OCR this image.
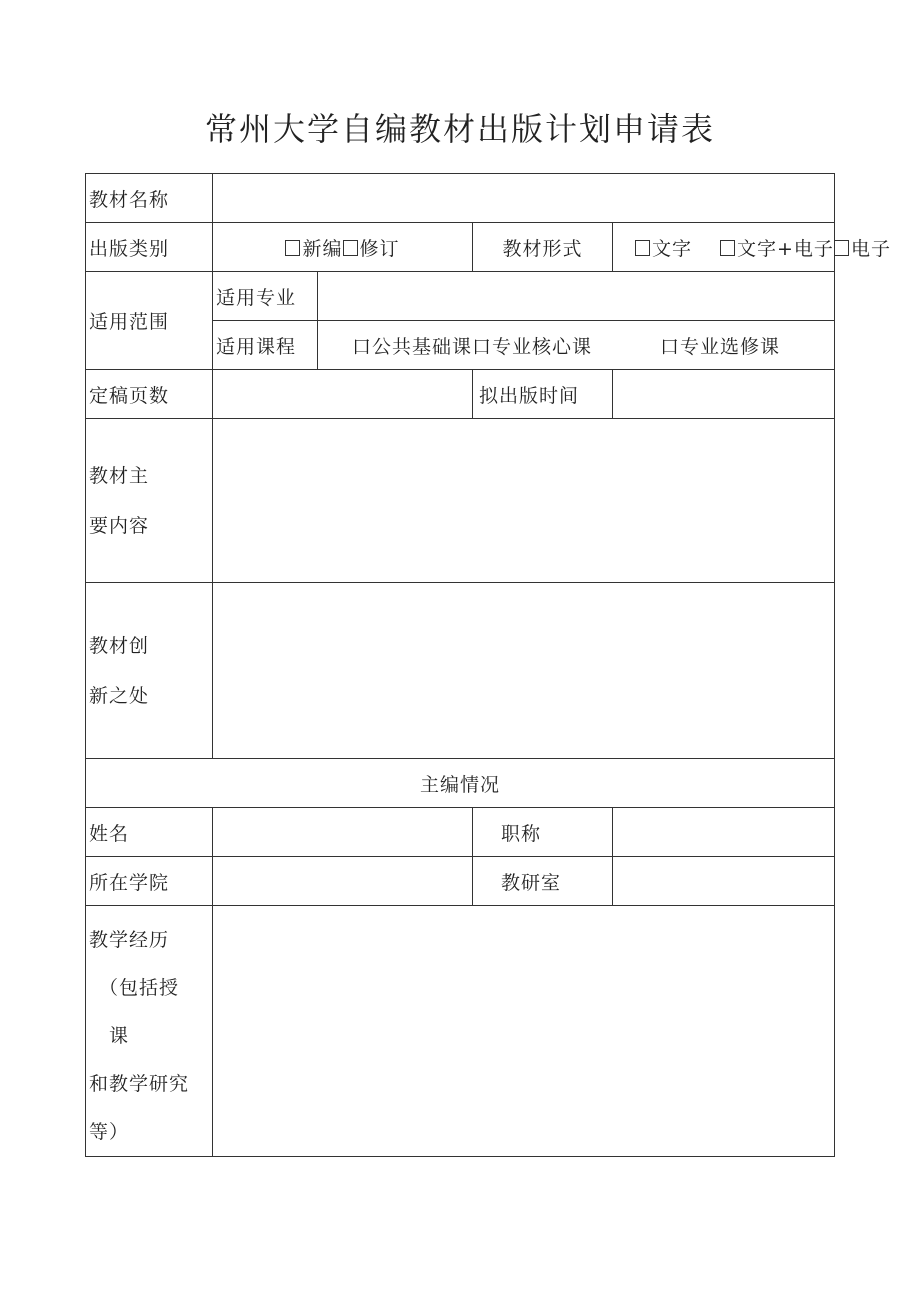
常州大学自编教材出版计划申请表
教材名称				
出版类别	新编 修订		教材形式	文字 文字+电子 电子
适用范围	适用专业			
	适用课程	口公共基础课口专业核心课 口专业选修课		
定稿页数			拟出版时间	

教材主
要内容				

教材创
新之处				

主编情况				
姓名			职称	
所在学院			教研室	

教学经历
（包括授
课
和教学研究
等）				
